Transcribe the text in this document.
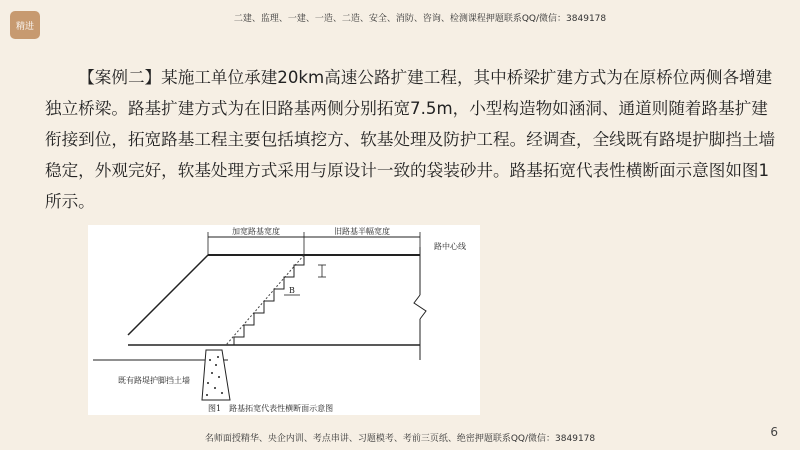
精进
二建、监理、一建、一造、二造、安全、消防、咨询、检测课程押题联系QQ/微信：3849178
【案例二】某施工单位承建20km高速公路扩建工程，其中桥梁扩建方式为在原桥位两侧各增建独立桥梁。路基扩建方式为在旧路基两侧分别拓宽7.5m，小型构造物如涵洞、通道则随着路基扩建衔接到位，拓宽路基工程主要包括填挖方、软基处理及防护工程。经调查，全线既有路堤护脚挡土墙稳定，外观完好，软基处理方式采用与原设计一致的袋装砂井。路基拓宽代表性横断面示意图如图1所示。
加宽路基宽度	旧路基半幅宽度
路中心线
B
既有路堤护脚挡土墙
图1　路基拓宽代表性横断面示意图
名师面授精华、央企内训、考点串讲、习题模考、考前三页纸、绝密押题联系QQ/微信：3849178	6
